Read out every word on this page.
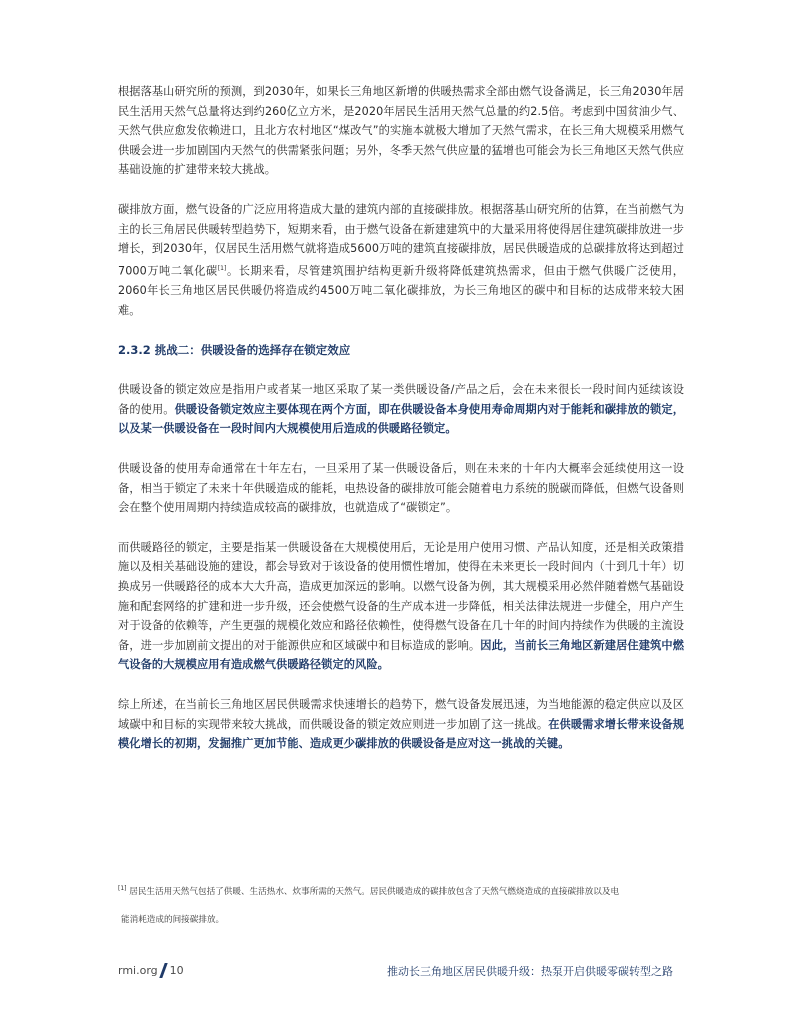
根据落基山研究所的预测，到2030年，如果长三角地区新增的供暖热需求全部由燃气设备满足，长三角2030年居民生活用天然气总量将达到约260亿立方米，是2020年居民生活用天然气总量的约2.5倍。考虑到中国贫油少气、天然气供应愈发依赖进口，且北方农村地区“煤改气”的实施本就极大增加了天然气需求，在长三角大规模采用燃气供暖会进一步加剧国内天然气的供需紧张问题；另外，冬季天然气供应量的猛增也可能会为长三角地区天然气供应基础设施的扩建带来较大挑战。

碳排放方面，燃气设备的广泛应用将造成大量的建筑内部的直接碳排放。根据落基山研究所的估算，在当前燃气为主的长三角居民供暖转型趋势下，短期来看，由于燃气设备在新建建筑中的大量采用将使得居住建筑碳排放进一步增长，到2030年，仅居民生活用燃气就将造成5600万吨的建筑直接碳排放，居民供暖造成的总碳排放将达到超过7000万吨二氧化碳[1]。长期来看，尽管建筑围护结构更新升级将降低建筑热需求，但由于燃气供暖广泛使用，2060年长三角地区居民供暖仍将造成约4500万吨二氧化碳排放，为长三角地区的碳中和目标的达成带来较大困难。

2.3.2 挑战二：供暖设备的选择存在锁定效应

供暖设备的锁定效应是指用户或者某一地区采取了某一类供暖设备/产品之后，会在未来很长一段时间内延续该设备的使用。供暖设备锁定效应主要体现在两个方面，即在供暖设备本身使用寿命周期内对于能耗和碳排放的锁定，以及某一供暖设备在一段时间内大规模使用后造成的供暖路径锁定。

供暖设备的使用寿命通常在十年左右，一旦采用了某一供暖设备后，则在未来的十年内大概率会延续使用这一设备，相当于锁定了未来十年供暖造成的能耗，电热设备的碳排放可能会随着电力系统的脱碳而降低，但燃气设备则会在整个使用周期内持续造成较高的碳排放，也就造成了“碳锁定”。

而供暖路径的锁定，主要是指某一供暖设备在大规模使用后，无论是用户使用习惯、产品认知度，还是相关政策措施以及相关基础设施的建设，都会导致对于该设备的使用惯性增加，使得在未来更长一段时间内（十到几十年）切换成另一供暖路径的成本大大升高，造成更加深远的影响。以燃气设备为例，其大规模采用必然伴随着燃气基础设施和配套网络的扩建和进一步升级，还会使燃气设备的生产成本进一步降低，相关法律法规进一步健全，用户产生对于设备的依赖等，产生更强的规模化效应和路径依赖性，使得燃气设备在几十年的时间内持续作为供暖的主流设备，进一步加剧前文提出的对于能源供应和区域碳中和目标造成的影响。因此，当前长三角地区新建居住建筑中燃气设备的大规模应用有造成燃气供暖路径锁定的风险。

综上所述，在当前长三角地区居民供暖需求快速增长的趋势下，燃气设备发展迅速，为当地能源的稳定供应以及区域碳中和目标的实现带来较大挑战，而供暖设备的锁定效应则进一步加剧了这一挑战。在供暖需求增长带来设备规模化增长的初期，发掘推广更加节能、造成更少碳排放的供暖设备是应对这一挑战的关键。

[1] 居民生活用天然气包括了供暖、生活热水、炊事所需的天然气。居民供暖造成的碳排放包含了天然气燃烧造成的直接碳排放以及电
能消耗造成的间接碳排放。
rmi.org 10	推动长三角地区居民供暖升级：热泵开启供暖零碳转型之路
